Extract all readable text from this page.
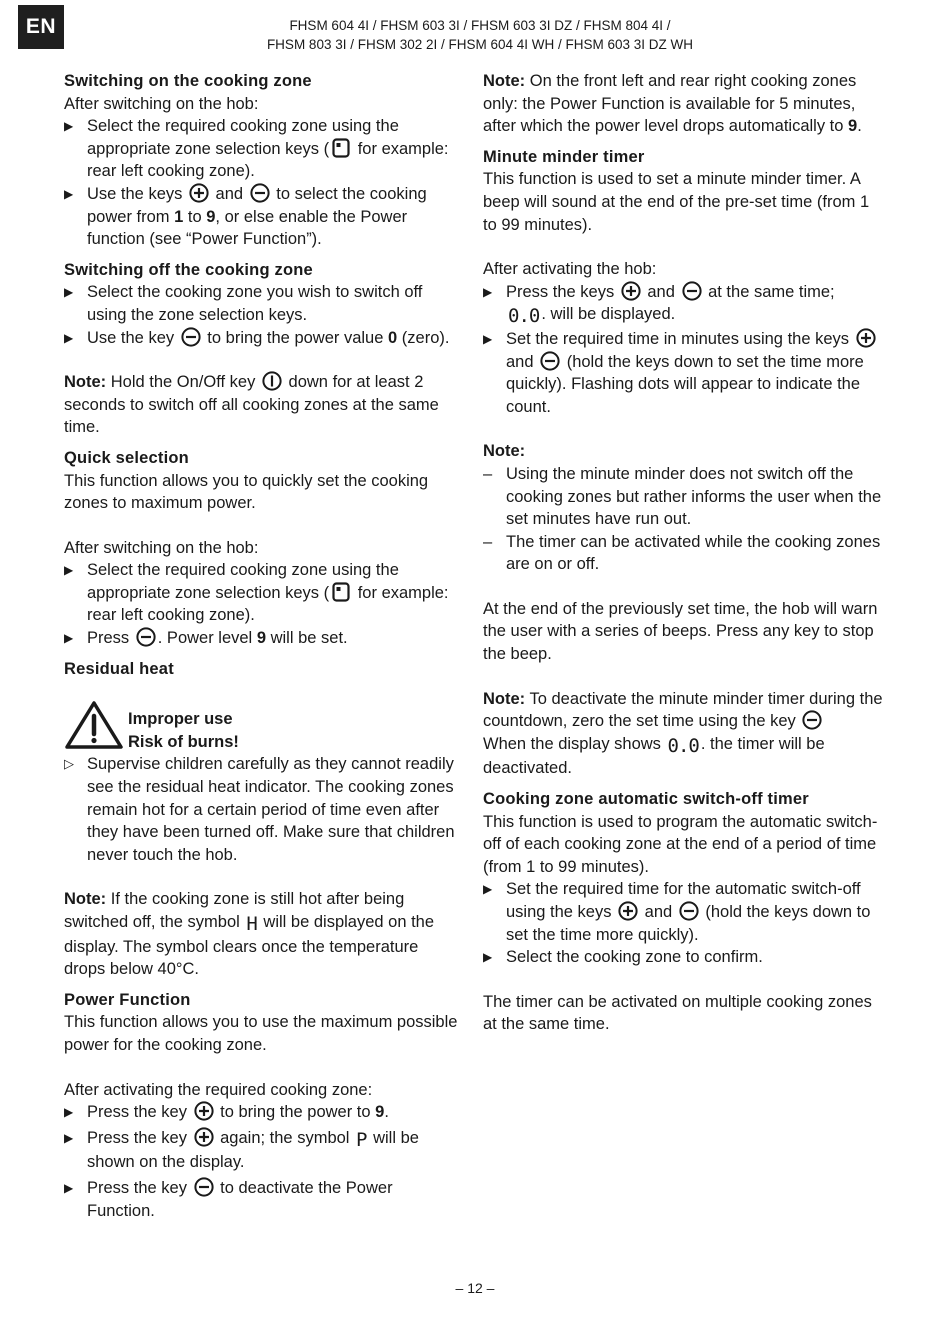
EN	FHSM 604 4I / FHSM 603 3I / FHSM 603 3I DZ / FHSM 804 4I /
FHSM 803 3I / FHSM 302 2I / FHSM 604 4I WH / FHSM 603 3I DZ WH
Switching on the cooking zone

After switching on the hob:

▶ Select the required cooking zone using the appropriate zone selection keys (
for example: rear left cooking zone).
▶ Use the keys
and
to select the cooking power from 1 to 9, or else enable the Power function (see “Power Function”).
Switching off the cooking zone
▶ Select the cooking zone you wish to switch off using the zone selection keys.
▶ Use the key
to bring the power value 0 (zero).

Note: Hold the On/Off key
down for at least 2 seconds to switch off all cooking zones at the same time.

Quick selection

This function allows you to quickly set the cooking zones to maximum power.

After switching on the hob:

▶ Select the required cooking zone using the appropriate zone selection keys (
for example: rear left cooking zone).
▶ Press
. Power level 9 will be set.
Residual heat
Improper use
Risk of burns!
▷ Supervise children carefully as they cannot readily see the residual heat indicator. The cooking zones remain hot for a certain period of time even after they have been turned off. Make sure that children never touch the hob.

Note: If the cooking zone is still hot after being switched off, the symbol H will be displayed on the display. The symbol clears once the temperature drops below 40°C.

Power Function

This function allows you to use the maximum possible power for the cooking zone.

After activating the required cooking zone:

▶ Press the key
to bring the power to 9.
▶ Press the key
again; the symbol P will be shown on the display.
▶ Press the key
to deactivate the Power Function.

Note: On the front left and rear right cooking zones only: the Power Function is available for 5 minutes, after which the power level drops automatically to 9.

Minute minder timer

This function is used to set a minute minder timer. A beep will sound at the end of the pre-set time (from 1 to 99 minutes).

After activating the hob:

▶ Press the keys
and
at the same time;
0.0 . will be displayed.
▶ Set the required time in minutes using the keys
and
(hold the keys down to set the time more quickly). Flashing dots will appear to indicate the count.

Note:

– Using the minute minder does not switch off the cooking zones but rather informs the user when the set minutes have run out.
– The timer can be activated while the cooking zones are on or off.

At the end of the previously set time, the hob will warn the user with a series of beeps. Press any key to stop the beep.

Note: To deactivate the minute minder timer during the countdown, zero the set time using the key

When the display shows 0.0 . the timer will be deactivated.

Cooking zone automatic switch-off timer

This function is used to program the automatic switch-off of each cooking zone at the end of a period of time (from 1 to 99 minutes).

▶ Set the required time for the automatic switch-off using the keys
and
(hold the keys down to set the time more quickly).
▶ Select the cooking zone to confirm.

The timer can be activated on multiple cooking zones at the same time.

– 12 –
